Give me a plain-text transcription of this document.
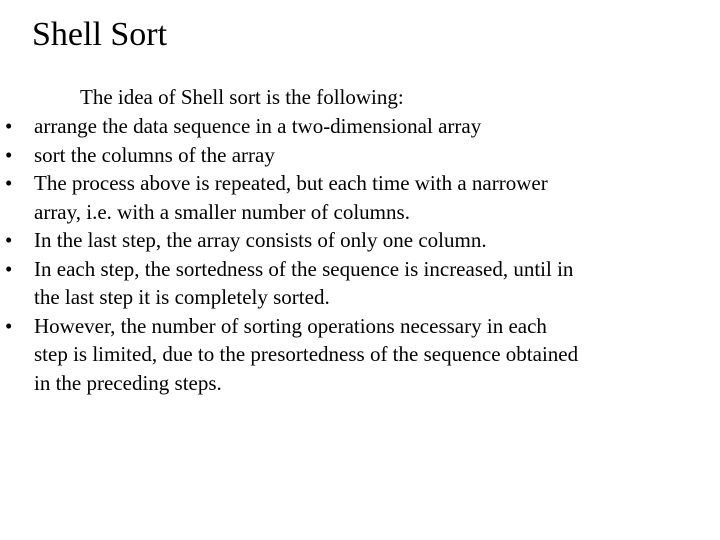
Shell Sort
The idea of Shell sort is the following:
•	arrange the data sequence in a two-dimensional array
•	sort the columns of the array
•	The process above is repeated, but each time with a narrower
array, i.e. with a smaller number of columns.
•	In the last step, the array consists of only one column.
•	In each step, the sortedness of the sequence is increased, until in
the last step it is completely sorted.
•	However, the number of sorting operations necessary in each
step is limited, due to the presortedness of the sequence obtained
in the preceding steps.
